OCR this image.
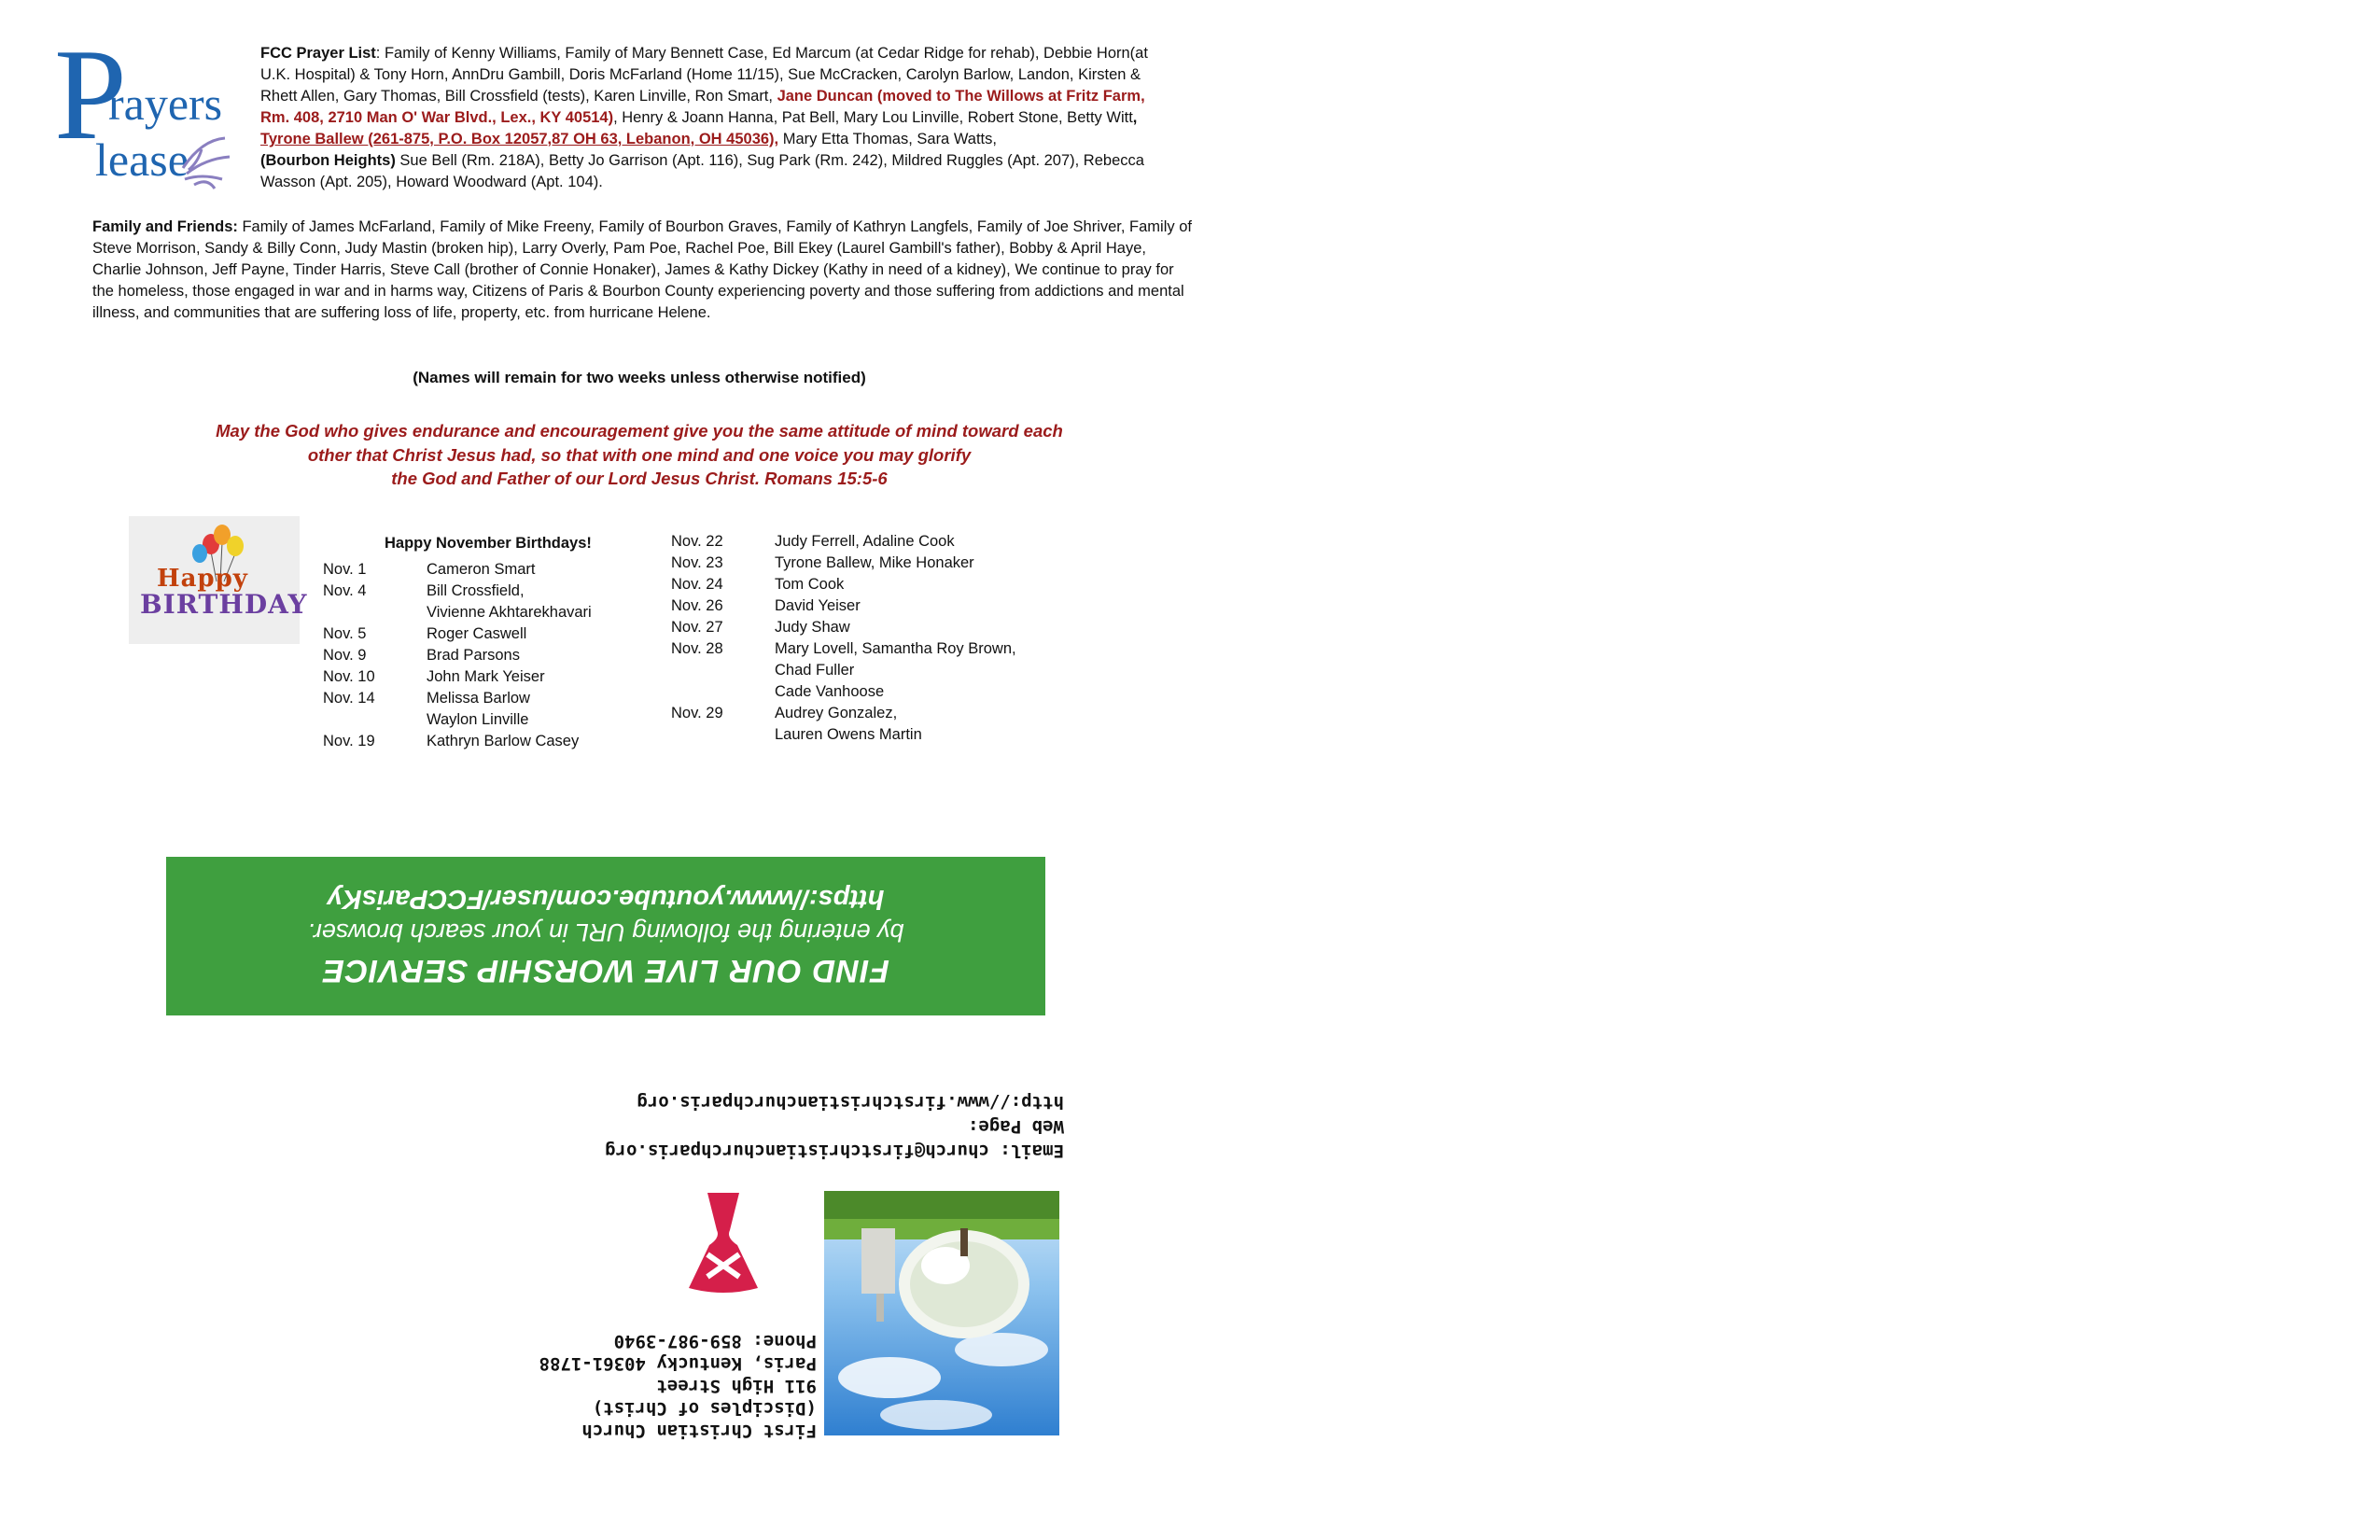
P
rayers
lease
FCC Prayer List: Family of Kenny Williams, Family of Mary Bennett Case, Ed Marcum (at Cedar Ridge for rehab), Debbie Horn(at U.K. Hospital) & Tony Horn, AnnDru Gambill, Doris McFarland (Home 11/15), Sue McCracken, Carolyn Barlow, Landon, Kirsten & Rhett Allen, Gary Thomas, Bill Crossfield (tests), Karen Linville, Ron Smart, Jane Duncan (moved to The Willows at Fritz Farm, Rm. 408, 2710 Man O' War Blvd., Lex., KY 40514), Henry & Joann Hanna, Pat Bell, Mary Lou Linville, Robert Stone, Betty Witt, Tyrone Ballew (261-875, P.O. Box 12057,87 OH 63, Lebanon, OH 45036), Mary Etta Thomas, Sara Watts,
(Bourbon Heights) Sue Bell (Rm. 218A), Betty Jo Garrison (Apt. 116), Sug Park (Rm. 242), Mildred Ruggles (Apt. 207), Rebecca Wasson (Apt. 205), Howard Woodward (Apt. 104).
Family and Friends: Family of James McFarland, Family of Mike Freeny, Family of Bourbon Graves, Family of Kathryn Langfels, Family of Joe Shriver, Family of Steve Morrison, Sandy & Billy Conn, Judy Mastin (broken hip), Larry Overly, Pam Poe, Rachel Poe, Bill Ekey (Laurel Gambill's father), Bobby & April Haye, Charlie Johnson, Jeff Payne, Tinder Harris, Steve Call (brother of Connie Honaker), James & Kathy Dickey (Kathy in need of a kidney), We continue to pray for the homeless, those engaged in war and in harms way, Citizens of Paris & Bourbon County experiencing poverty and those suffering from addictions and mental illness, and communities that are suffering loss of life, property, etc. from hurricane Helene.
(Names will remain for two weeks unless otherwise notified)
May the God who gives endurance and encouragement give you the same attitude of mind toward each
other that Christ Jesus had, so that with one mind and one voice you may glorify
the God and Father of our Lord Jesus Christ. Romans 15:5-6
Happy
BIRTHDAY
Happy November Birthdays!
Nov. 1	Cameron Smart
Nov. 4	Bill Crossfield,
Vivienne Akhtarekhavari
Nov. 5	Roger Caswell
Nov. 9	Brad Parsons
Nov. 10	John Mark Yeiser
Nov. 14	Melissa Barlow
Waylon Linville
Nov. 19	Kathryn Barlow Casey
Nov. 22	Judy Ferrell, Adaline Cook
Nov. 23	Tyrone Ballew, Mike Honaker
Nov. 24	Tom Cook
Nov. 26	David Yeiser
Nov. 27	Judy Shaw
Nov. 28	Mary Lovell, Samantha Roy Brown,
Chad Fuller
Cade Vanhoose
Nov. 29	Audrey Gonzalez,
Lauren Owens Martin
FIND OUR LIVE WORSHIP SERVICE
by entering the following URL in your search browser.
https://www.youtube.com/user/FCCParisKy
Email: church@firstchristianchurchparis.org
Web Page: http://www.firstchristianchurchparis.org
First Christian Church
(Disciples of Christ)
911 High Street
Paris, Kentucky 40361-1788
Phone: 859-987-3940
